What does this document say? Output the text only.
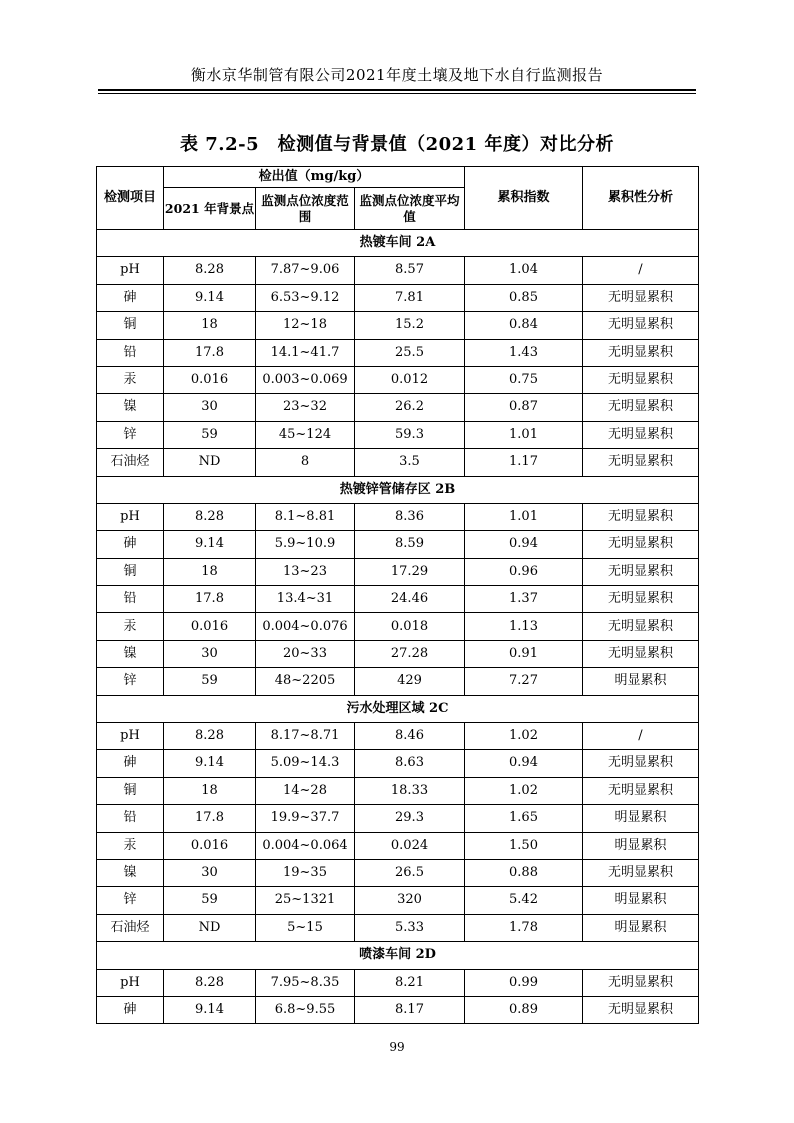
衡水京华制管有限公司2021年度土壤及地下水自行监测报告
表 7.2-5　检测值与背景值（2021 年度）对比分析
检测项目	检出值（mg/kg）			累积指数	累积性分析
	2021 年背景点	监测点位浓度范围	监测点位浓度平均值		
热镀车间 2A					
pH	8.28	7.87~9.06	8.57	1.04	/
砷	9.14	6.53~9.12	7.81	0.85	无明显累积
铜	18	12~18	15.2	0.84	无明显累积
铅	17.8	14.1~41.7	25.5	1.43	无明显累积
汞	0.016	0.003~0.069	0.012	0.75	无明显累积
镍	30	23~32	26.2	0.87	无明显累积
锌	59	45~124	59.3	1.01	无明显累积
石油烃	ND	8	3.5	1.17	无明显累积
热镀锌管储存区 2B					
pH	8.28	8.1~8.81	8.36	1.01	无明显累积
砷	9.14	5.9~10.9	8.59	0.94	无明显累积
铜	18	13~23	17.29	0.96	无明显累积
铅	17.8	13.4~31	24.46	1.37	无明显累积
汞	0.016	0.004~0.076	0.018	1.13	无明显累积
镍	30	20~33	27.28	0.91	无明显累积
锌	59	48~2205	429	7.27	明显累积
污水处理区域 2C					
pH	8.28	8.17~8.71	8.46	1.02	/
砷	9.14	5.09~14.3	8.63	0.94	无明显累积
铜	18	14~28	18.33	1.02	无明显累积
铅	17.8	19.9~37.7	29.3	1.65	明显累积
汞	0.016	0.004~0.064	0.024	1.50	明显累积
镍	30	19~35	26.5	0.88	无明显累积
锌	59	25~1321	320	5.42	明显累积
石油烃	ND	5~15	5.33	1.78	明显累积
喷漆车间 2D					
pH	8.28	7.95~8.35	8.21	0.99	无明显累积
砷	9.14	6.8~9.55	8.17	0.89	无明显累积
99
